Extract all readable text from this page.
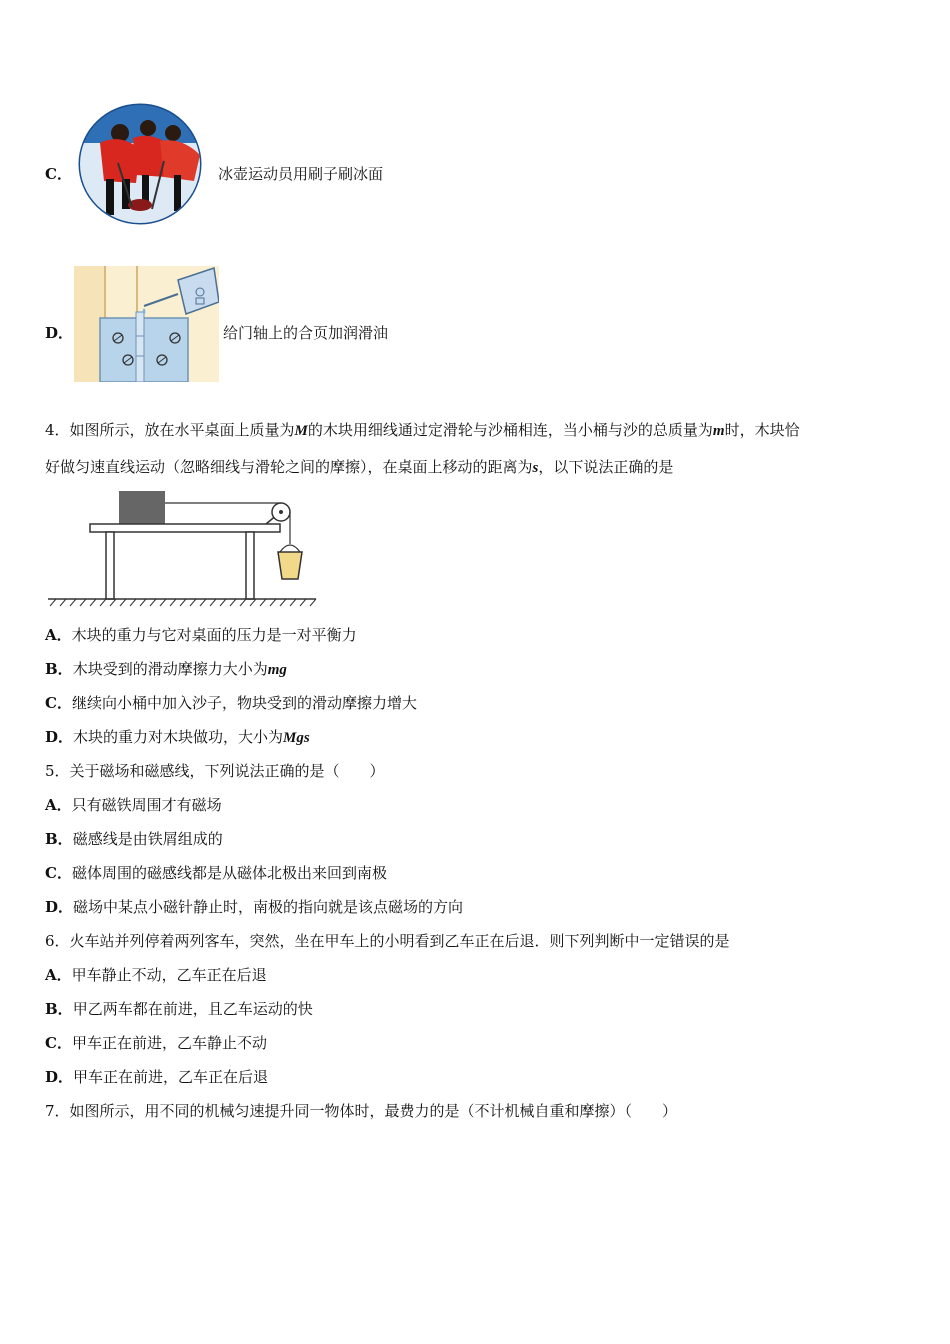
C．	冰壶运动员用刷子刷冰面
D．	给门轴上的合页加润滑油
4．如图所示，放在水平桌面上质量为M的木块用细线通过定滑轮与沙桶相连，当小桶与沙的总质量为m时，木块恰
好做匀速直线运动（忽略细线与滑轮之间的摩擦），在桌面上移动的距离为s，以下说法正确的是
A．木块的重力与它对桌面的压力是一对平衡力
B．木块受到的滑动摩擦力大小为mg
C．继续向小桶中加入沙子，物块受到的滑动摩擦力增大
D．木块的重力对木块做功，大小为Mgs
5．关于磁场和磁感线，下列说法正确的是（　　）
A．只有磁铁周围才有磁场
B．磁感线是由铁屑组成的
C．磁体周围的磁感线都是从磁体北极出来回到南极
D．磁场中某点小磁针静止时，南极的指向就是该点磁场的方向
6．火车站并列停着两列客车，突然，坐在甲车上的小明看到乙车正在后退．则下列判断中一定错误的是
A．甲车静止不动，乙车正在后退
B．甲乙两车都在前进，且乙车运动的快
C．甲车正在前进，乙车静止不动
D．甲车正在前进，乙车正在后退
7．如图所示，用不同的机械匀速提升同一物体时，最费力的是（不计机械自重和摩擦）（　　）
